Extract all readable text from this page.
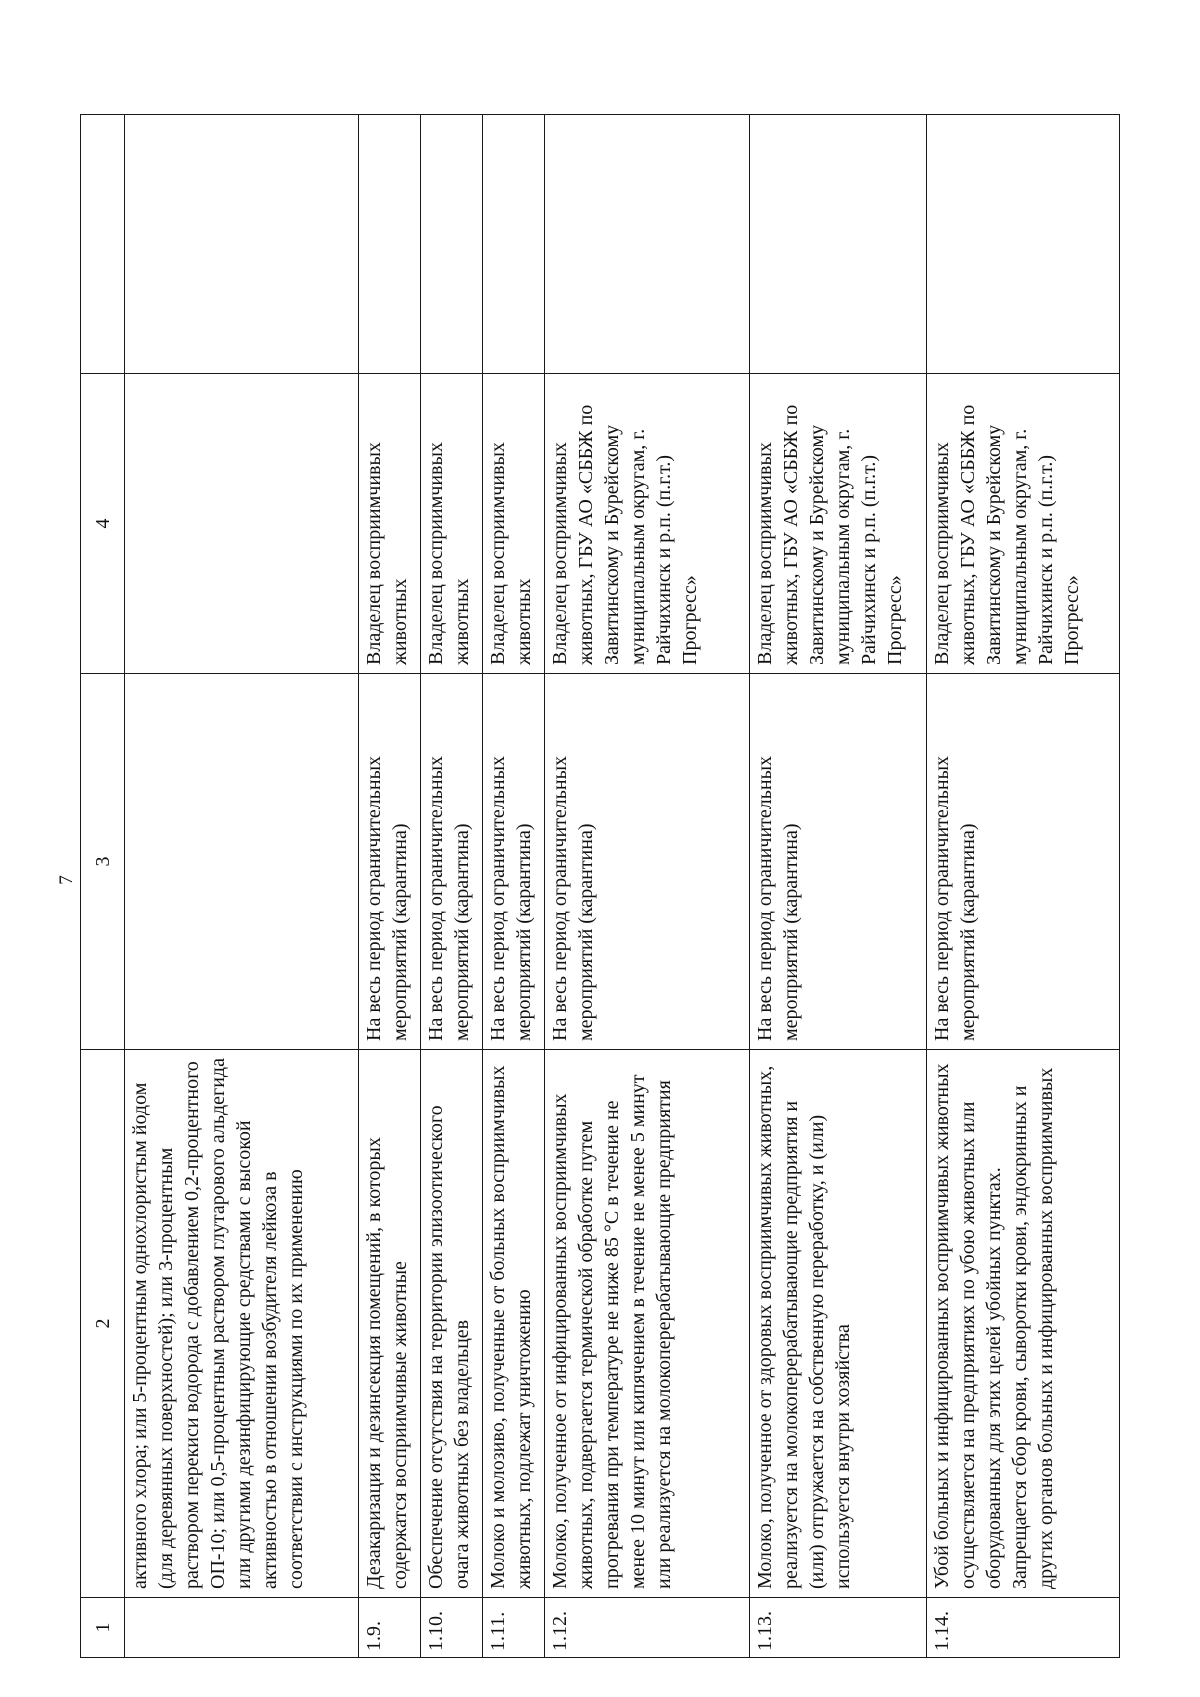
7
1	2	3	4	
	активного хлора; или 5-процентным однохлористым йодом (для деревянных поверхностей); или 3-процентным раствором перекиси водорода с добавлением 0,2-процентного ОП-10; или 0,5-процентным раствором глутарового альдегида или другими дезинфицирующие средствами с высокой активностью в отношении возбудителя лейкоза в соответствии с инструкциями по их применению			
1.9.	Дезакаризация и дезинсекция помещений, в которых содержатся восприимчивые животные	На весь период ограничительных мероприятий (карантина)	Владелец восприимчивых животных	
1.10.	Обеспечение отсутствия на территории эпизоотического очага животных без владельцев	На весь период ограничительных мероприятий (карантина)	Владелец восприимчивых животных	
1.11.	Молоко и молозиво, полученные от больных восприимчивых животных, подлежат уничтожению	На весь период ограничительных мероприятий (карантина)	Владелец восприимчивых животных	
1.12.	Молоко, полученное от инфицированных восприимчивых животных, подвергается термической обработке путем прогревания при температуре не ниже 85 °С в течение не менее 10 минут или кипячением в течение не менее 5 минут или реализуется на молокоперерабатывающие предприятия	На весь период ограничительных мероприятий (карантина)	Владелец восприимчивых животных, ГБУ АО «СББЖ по Завитинскому и Бурейскому муниципальным округам, г. Райчихинск и р.п. (п.г.т.) Прогресс»	
1.13.	Молоко, полученное от здоровых восприимчивых животных, реализуется на молокоперерабатывающие предприятия и (или) отгружается на собственную переработку, и (или) используется внутри хозяйства	На весь период ограничительных мероприятий (карантина)	Владелец восприимчивых животных, ГБУ АО «СББЖ по Завитинскому и Бурейскому муниципальным округам, г. Райчихинск и р.п. (п.г.т.) Прогресс»	
1.14.	Убой больных и инфицированных восприимчивых животных осуществляется на предприятиях по убою животных или оборудованных для этих целей убойных пунктах. Запрещается сбор крови, сыворотки крови, эндокринных и других органов больных и инфицированных восприимчивых	На весь период ограничительных мероприятий (карантина)	Владелец восприимчивых животных, ГБУ АО «СББЖ по Завитинскому и Бурейскому муниципальным округам, г. Райчихинск и р.п. (п.г.т.) Прогресс»	
